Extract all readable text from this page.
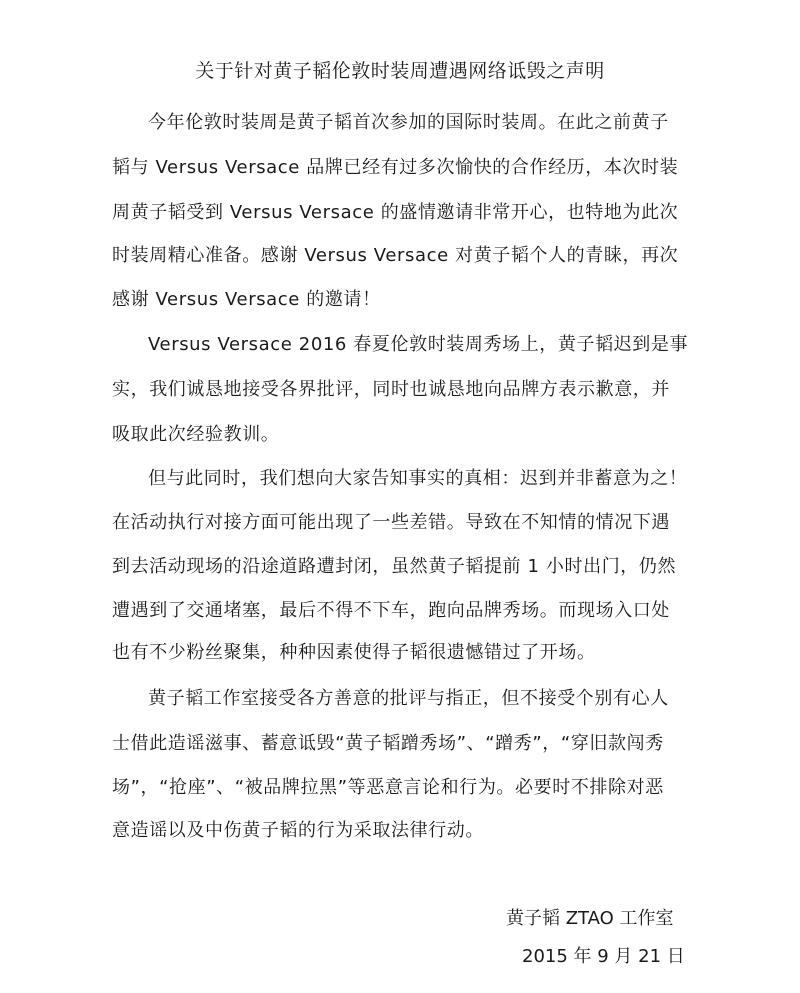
关于针对黄子韬伦敦时装周遭遇网络诋毁之声明
今年伦敦时装周是黄子韬首次参加的国际时装周。在此之前黄子
韬与 Versus Versace 品牌已经有过多次愉快的合作经历，本次时装
周黄子韬受到 Versus Versace 的盛情邀请非常开心，也特地为此次
时装周精心准备。感谢 Versus Versace 对黄子韬个人的青睐，再次
感谢 Versus Versace 的邀请！
Versus Versace 2016 春夏伦敦时装周秀场上，黄子韬迟到是事
实，我们诚恳地接受各界批评，同时也诚恳地向品牌方表示歉意，并
吸取此次经验教训。
但与此同时，我们想向大家告知事实的真相：迟到并非蓄意为之！
在活动执行对接方面可能出现了一些差错。导致在不知情的情况下遇
到去活动现场的沿途道路遭封闭，虽然黄子韬提前 1 小时出门，仍然
遭遇到了交通堵塞，最后不得不下车，跑向品牌秀场。而现场入口处
也有不少粉丝聚集，种种因素使得子韬很遗憾错过了开场。
黄子韬工作室接受各方善意的批评与指正，但不接受个别有心人
士借此造谣滋事、蓄意诋毁“黄子韬蹭秀场”、“蹭秀”，“穿旧款闯秀
场”，“抢座”、“被品牌拉黑”等恶意言论和行为。必要时不排除对恶
意造谣以及中伤黄子韬的行为采取法律行动。
黄子韬 ZTAO 工作室
2015 年 9 月 21 日
